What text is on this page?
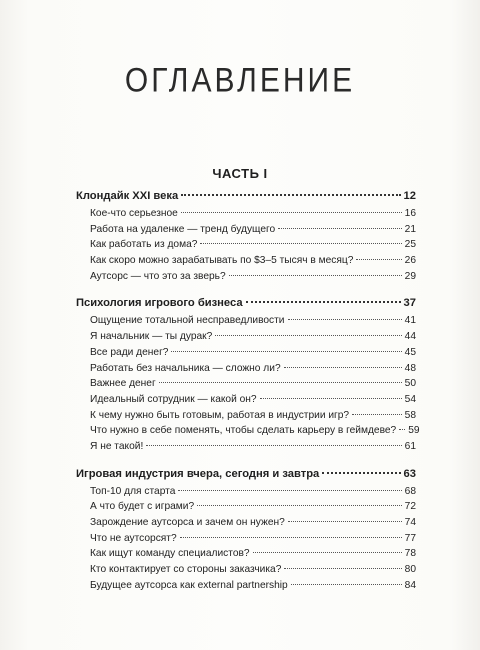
ОГЛАВЛЕНИЕ
ЧАСТЬ I
Клондайк XXI века	12
Кое-что серьезное	16
Работа на удаленке — тренд будущего	21
Как работать из дома?	25
Как скоро можно зарабатывать по $3–5 тысяч в месяц?	26
Аутсорс — что это за зверь?	29
Психология игрового бизнеса	37
Ощущение тотальной несправедливости	41
Я начальник — ты дурак?	44
Все ради денег?	45
Работать без начальника — сложно ли?	48
Важнее денег	50
Идеальный сотрудник — какой он?	54
К чему нужно быть готовым, работая в индустрии игр?	58
Что нужно в себе поменять, чтобы сделать карьеру в геймдеве? 59
Я не такой!	61
Игровая индустрия вчера, сегодня и завтра	63
Топ-10 для старта	68
А что будет с играми?	72
Зарождение аутсорса и зачем он нужен?	74
Что не аутсорсят?	77
Как ищут команду специалистов?	78
Кто контактирует со стороны заказчика?	80
Будущее аутсорса как external partnership	84
